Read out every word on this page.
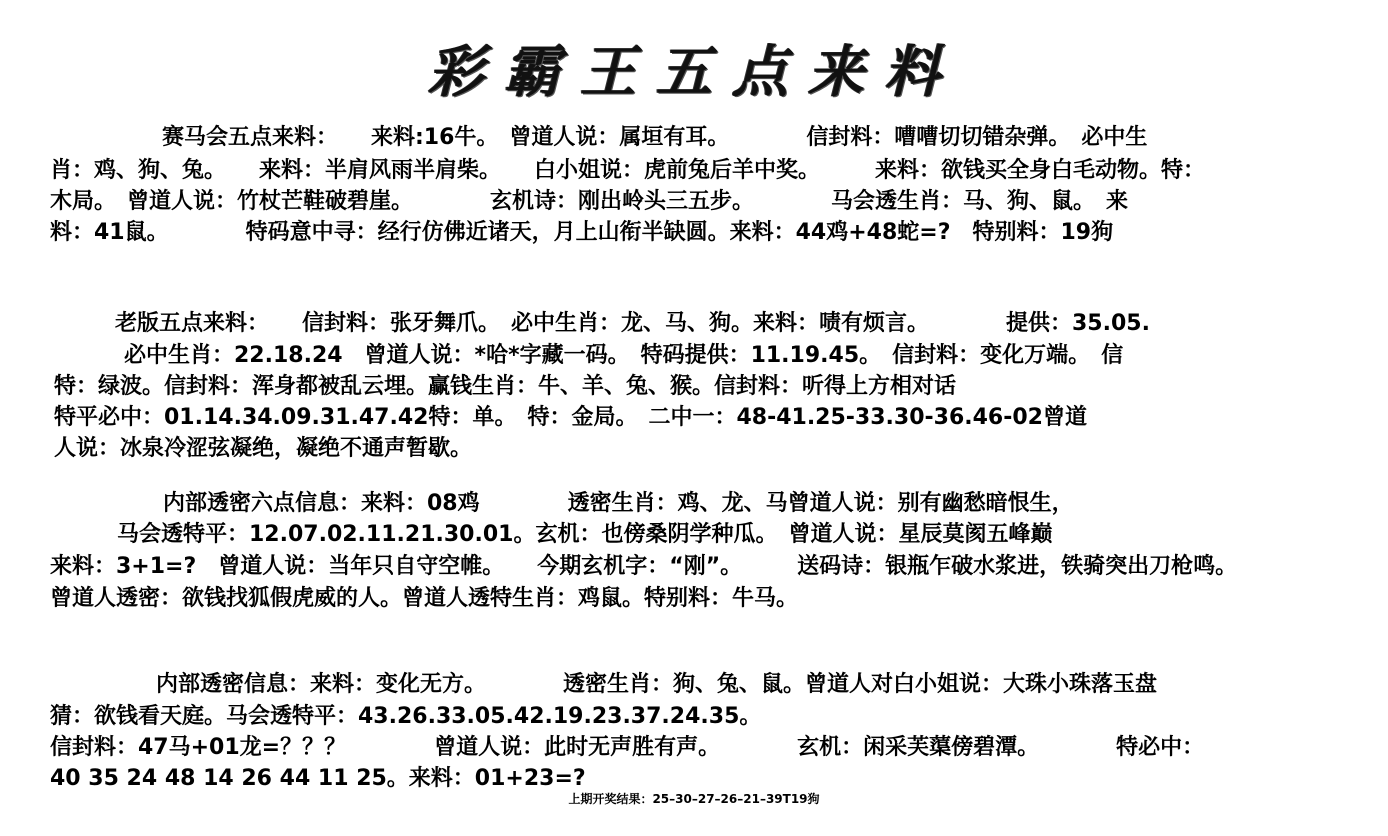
彩霸王五点来料
赛马会五点来料：　　来料:16牛。　曾道人说：属垣有耳。　　　　信封料：嘈嘈切切错杂弹。　必中生
肖：鸡、狗、兔。　　来料：半肩风雨半肩柴。　　白小姐说：虎前兔后羊中奖。　　　来料：欲钱买全身白毛动物。特：
木局。　曾道人说：竹杖芒鞋破碧崖。　　　　玄机诗：刚出岭头三五步。　　　　马会透生肖：马、狗、鼠。　来
料：41鼠。　　　　特码意中寻：经行仿佛近诸天，月上山衔半缺圆。来料：44鸡+48蛇=?　特别料：19狗
老版五点来料：　　信封料：张牙舞爪。　必中生肖：龙、马、狗。来料：啧有烦言。　　　　提供：35.05.
必中生肖：22.18.24　曾道人说：*哈*字藏一码。　特码提供：11.19.45。　信封料：变化万端。　信
特：绿波。信封料：浑身都被乱云埋。赢钱生肖：牛、羊、兔、猴。信封料：听得上方相对话
特平必中：01.14.34.09.31.47.42特：单。　特：金局。　二中一：48-41.25-33.30-36.46-02曾道
人说：冰泉冷涩弦凝绝，凝绝不通声暂歇。
内部透密六点信息：来料：08鸡　　　　透密生肖：鸡、龙、马曾道人说：别有幽愁暗恨生，
马会透特平：12.07.02.11.21.30.01。玄机：也傍桑阴学种瓜。　曾道人说：星辰莫阂五峰巅
来料：3+1=?　曾道人说：当年只自守空帷。　　今期玄机字：“刚”。　　　送码诗：银瓶乍破水浆进，铁骑突出刀枪鸣。
曾道人透密：欲钱找狐假虎威的人。曾道人透特生肖：鸡鼠。特别料：牛马。
内部透密信息：来料：变化无方。　　　　透密生肖：狗、兔、鼠。曾道人对白小姐说：大珠小珠落玉盘
猜：欲钱看天庭。马会透特平：43.26.33.05.42.19.23.37.24.35。
信封料：47马+01龙=？？？　　　　曾道人说：此时无声胜有声。　　　　玄机：闲采芙蕖傍碧潭。　　　　特必中：
40 35 24 48 14 26 44 11 25。来料：01+23=?
上期开奖结果：25–30–27–26–21–39T19狗
